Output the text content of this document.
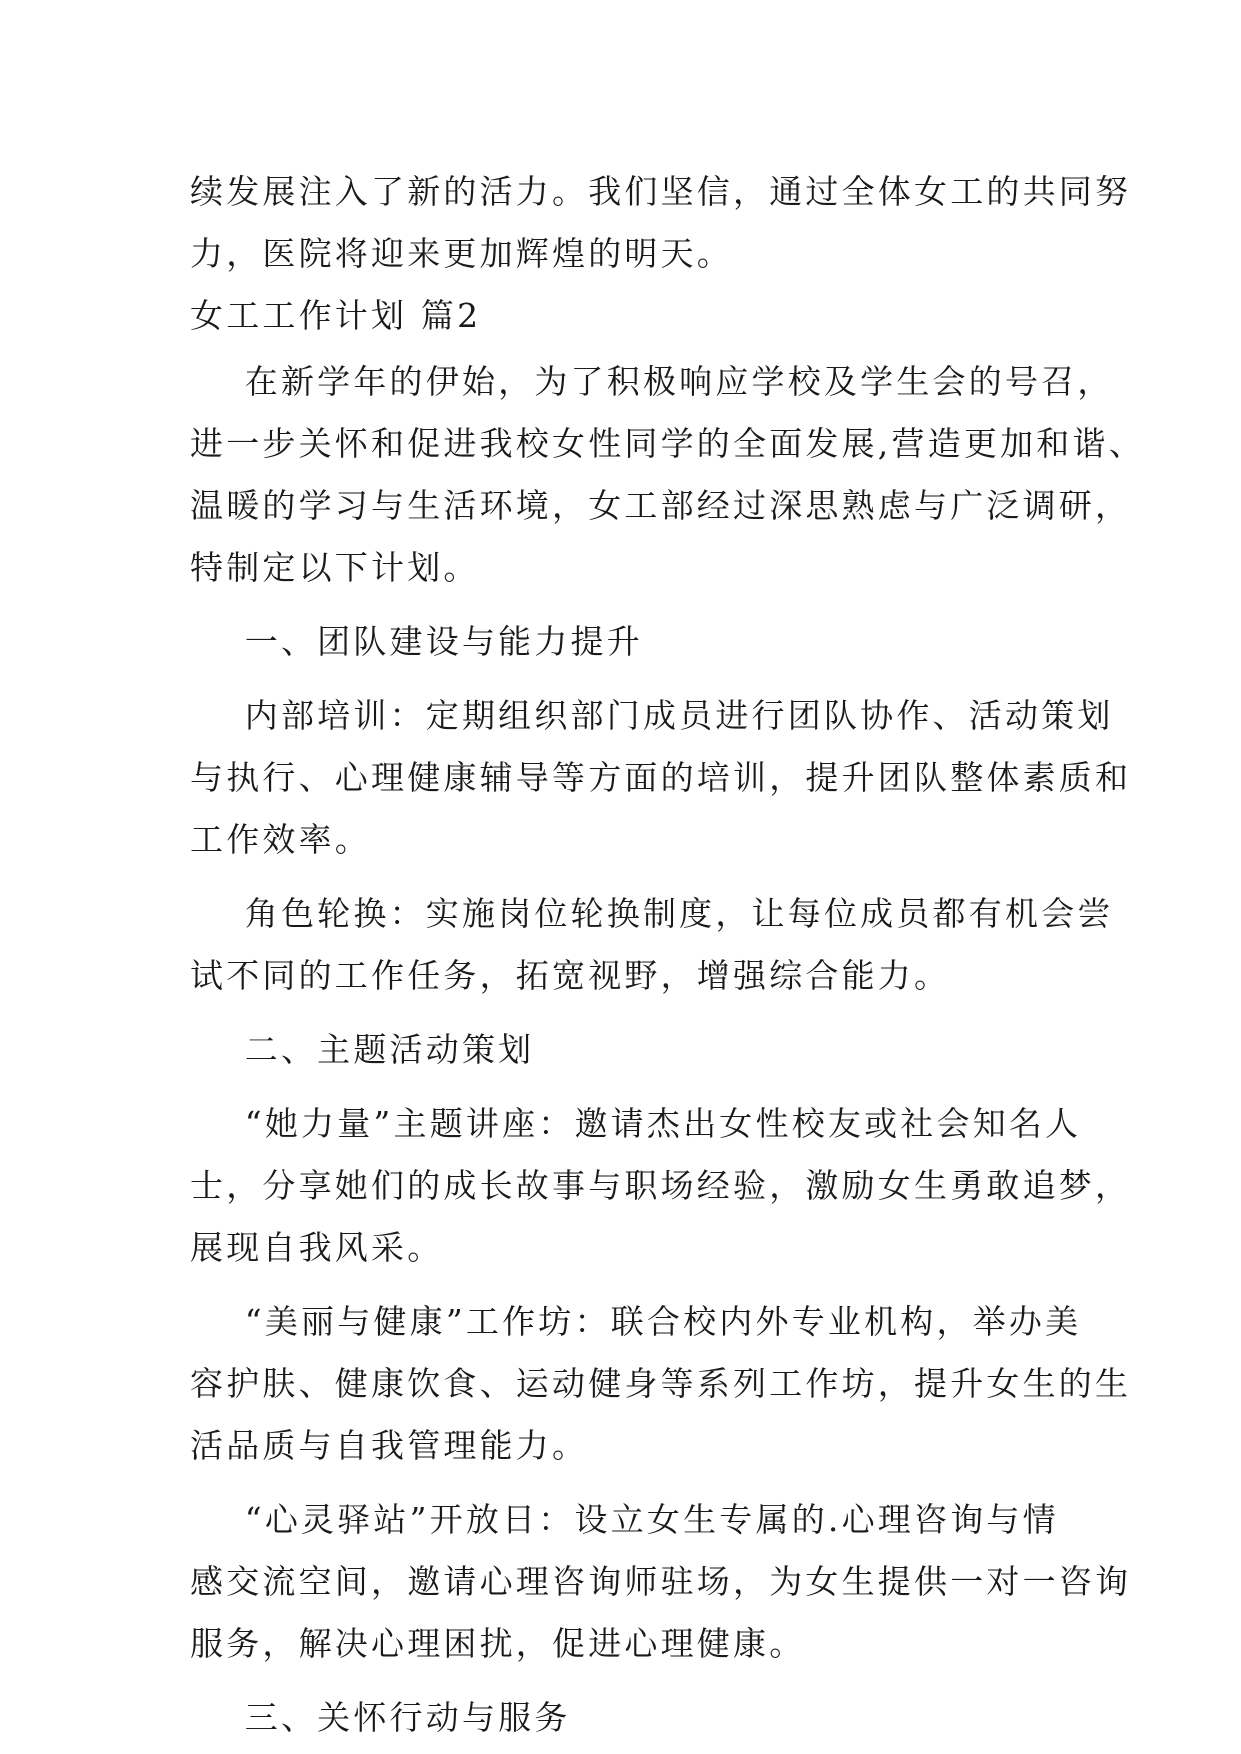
续发展注入了新的活力。我们坚信，通过全体女工的共同努

力，医院将迎来更加辉煌的明天。

女工工作计划 篇2

在新学年的伊始，为了积极响应学校及学生会的号召，

进一步关怀和促进我校女性同学的全面发展,营造更加和谐、

温暖的学习与生活环境，女工部经过深思熟虑与广泛调研，

特制定以下计划。

一、团队建设与能力提升

内部培训：定期组织部门成员进行团队协作、活动策划

与执行、心理健康辅导等方面的培训，提升团队整体素质和

工作效率。

角色轮换：实施岗位轮换制度，让每位成员都有机会尝

试不同的工作任务，拓宽视野，增强综合能力。

二、主题活动策划

“她力量”主题讲座：邀请杰出女性校友或社会知名人

士，分享她们的成长故事与职场经验，激励女生勇敢追梦，

展现自我风采。

“美丽与健康”工作坊：联合校内外专业机构，举办美

容护肤、健康饮食、运动健身等系列工作坊，提升女生的生

活品质与自我管理能力。

“心灵驿站”开放日：设立女生专属的.心理咨询与情

感交流空间，邀请心理咨询师驻场，为女生提供一对一咨询

服务，解决心理困扰，促进心理健康。

三、关怀行动与服务
